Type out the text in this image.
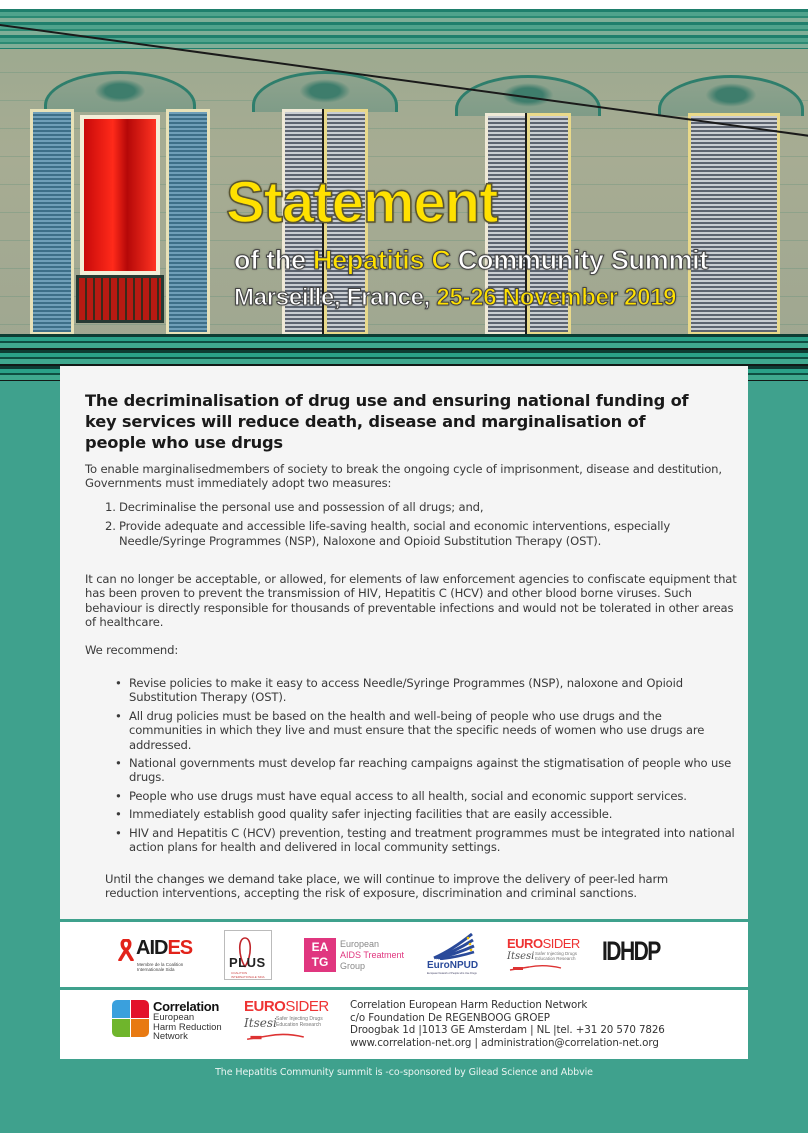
Statement
of the Hepatitis C Community Summit
Marseille, France, 25-26 November 2019
The decriminalisation of drug use and ensuring national funding of key services will reduce death, disease and marginalisation of people who use drugs
To enable marginalisedmembers of society to break the ongoing cycle of imprisonment, disease and destitution, Governments must immediately adopt two measures:
1. Decriminalise the personal use and possession of all drugs; and,
2. Provide adequate and accessible life-saving health, social and economic interventions, especially Needle/Syringe Programmes (NSP), Naloxone and Opioid Substitution Therapy (OST).
It can no longer be acceptable, or allowed, for elements of law enforcement agencies to confiscate equipment that has been proven to prevent the transmission of HIV, Hepatitis C (HCV) and other blood borne viruses. Such behaviour is directly responsible for thousands of preventable infections and would not be tolerated in other areas of healthcare.
We recommend:
• Revise policies to make it easy to access Needle/Syringe Programmes (NSP), naloxone and Opioid Substitution Therapy (OST).
• All drug policies must be based on the health and well-being of people who use drugs and the communities in which they live and must ensure that the specific needs of women who use drugs are addressed.
• National governments must develop far reaching campaigns against the stigmatisation of people who use drugs.
• People who use drugs must have equal access to all health, social and economic support services.
• Immediately establish good quality safer injecting facilities that are easily accessible.
• HIV and Hepatitis C (HCV) prevention, testing and treatment programmes must be integrated into national action plans for health and delivered in local community settings.
Until the changes we demand take place, we will continue to improve the delivery of peer-led harm reduction interventions, accepting the risk of exposure, discrimination and criminal sanctions.
AIDES
Membre de la Coalition Internationale Sida	PLUS
COALITION INTERNATIONALE SIDA
EA TG
European
AIDS Treatment
Group	EuroNPUD
European Network of People who Use Drugs
EUROSIDER
Itsesi Safer Injecting Drugs Education Research IDHDP
Correlation
European
Harm Reduction
Network
EUROSIDER
Itsesi Safer Injecting Drugs Education Research
Correlation European Harm Reduction Network
c/o Foundation De REGENBOOG GROEP
Droogbak 1d |1013 GE Amsterdam | NL |tel. +31 20 570 7826
www.correlation-net.org | administration@correlation-net.org
The Hepatitis Community summit is -co-sponsored by Gilead Science and Abbvie
